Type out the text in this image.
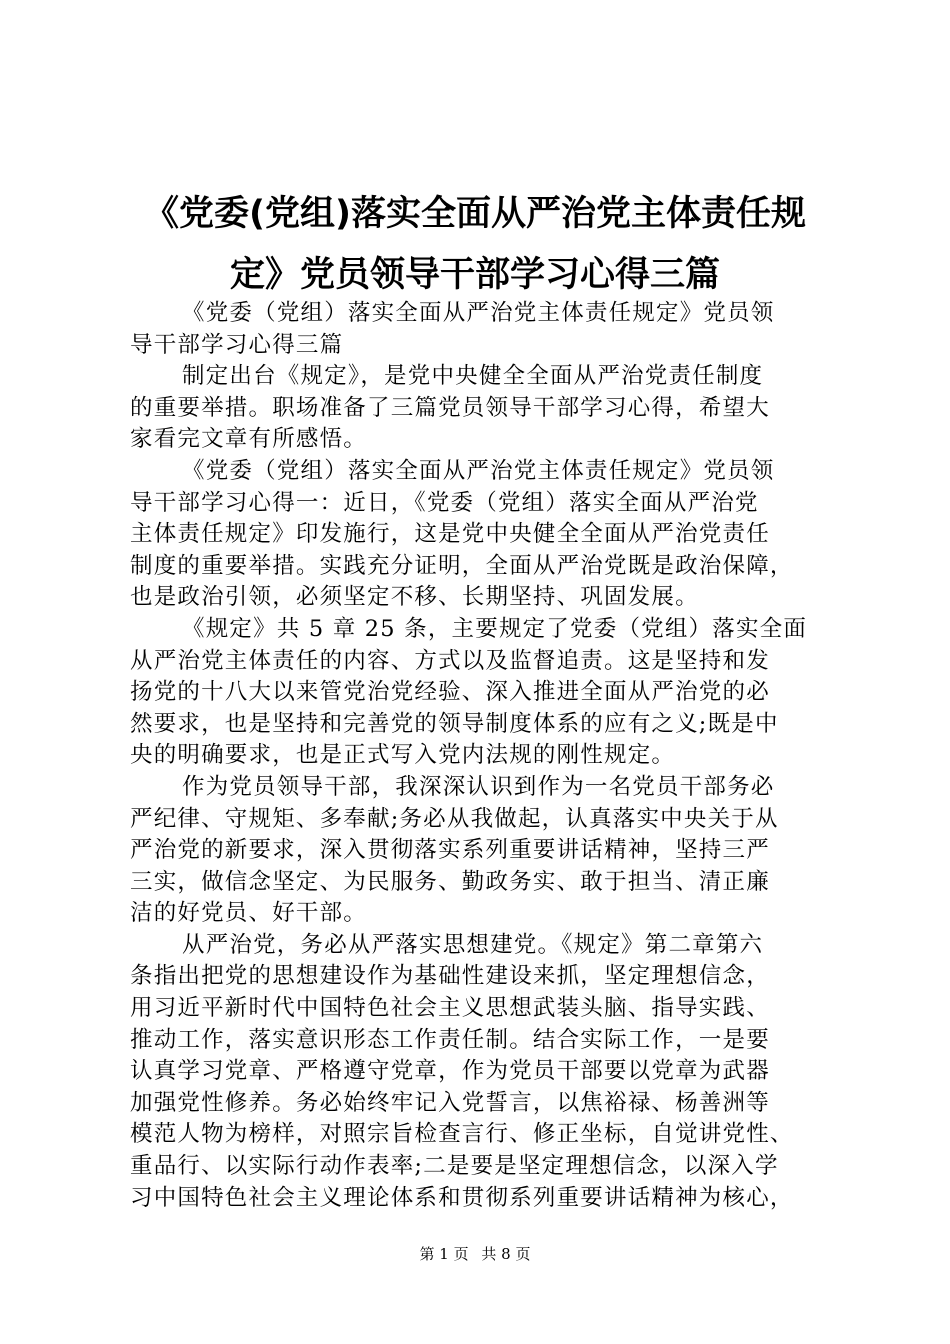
《党委(党组)落实全面从严治党主体责任规
定》党员领导干部学习心得三篇

《党委（党组）落实全面从严治党主体责任规定》党员领
导干部学习心得三篇

制定出台《规定》，是党中央健全全面从严治党责任制度
的重要举措。职场准备了三篇党员领导干部学习心得，希望大
家看完文章有所感悟。

《党委（党组）落实全面从严治党主体责任规定》党员领
导干部学习心得一：近日，《党委（党组）落实全面从严治党
主体责任规定》印发施行，这是党中央健全全面从严治党责任
制度的重要举措。实践充分证明，全面从严治党既是政治保障，
也是政治引领，必须坚定不移、长期坚持、巩固发展。

《规定》共 5 章 25 条，主要规定了党委（党组）落实全面
从严治党主体责任的内容、方式以及监督追责。这是坚持和发
扬党的十八大以来管党治党经验、深入推进全面从严治党的必
然要求，也是坚持和完善党的领导制度体系的应有之义;既是中
央的明确要求，也是正式写入党内法规的刚性规定。

作为党员领导干部，我深深认识到作为一名党员干部务必
严纪律、守规矩、多奉献;务必从我做起，认真落实中央关于从
严治党的新要求，深入贯彻落实系列重要讲话精神，坚持三严
三实，做信念坚定、为民服务、勤政务实、敢于担当、清正廉
洁的好党员、好干部。

从严治党，务必从严落实思想建党。《规定》第二章第六
条指出把党的思想建设作为基础性建设来抓，坚定理想信念，
用习近平新时代中国特色社会主义思想武装头脑、指导实践、
推动工作，落实意识形态工作责任制。结合实际工作，一是要
认真学习党章、严格遵守党章，作为党员干部要以党章为武器
加强党性修养。务必始终牢记入党誓言，以焦裕禄、杨善洲等
模范人物为榜样，对照宗旨检查言行、修正坐标，自觉讲党性、
重品行、以实际行动作表率;二是要是坚定理想信念，以深入学
习中国特色社会主义理论体系和贯彻系列重要讲话精神为核心，

第 1 页 共 8 页
